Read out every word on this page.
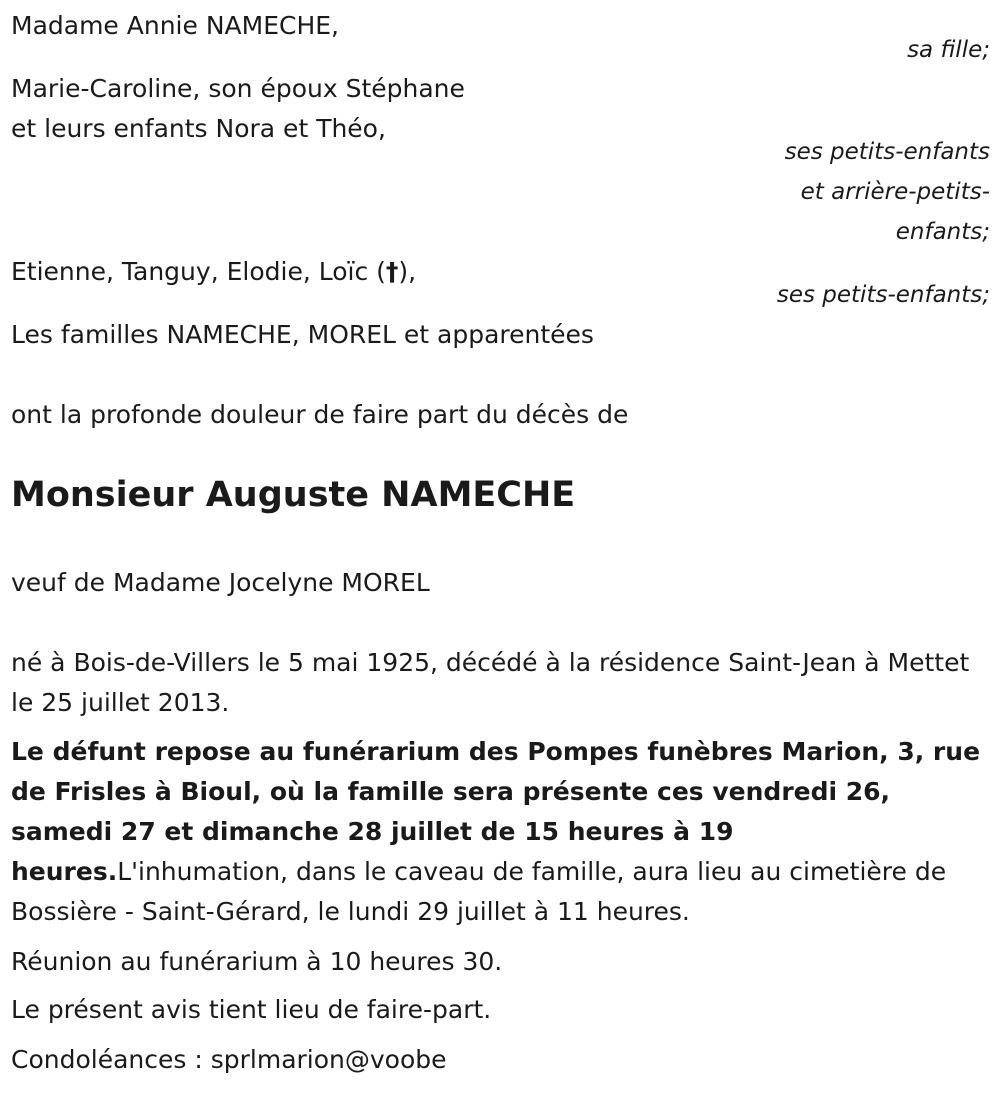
Madame Annie NAMECHE,
sa fille;
Marie-Caroline, son époux Stéphane
et leurs enfants Nora et Théo,
ses petits-enfants
et arrière-petits-
enfants;
Etienne, Tanguy, Elodie, Loïc (†),
ses petits-enfants;
Les familles NAMECHE, MOREL et apparentées
ont la profonde douleur de faire part du décès de
Monsieur Auguste NAMECHE
veuf de Madame Jocelyne MOREL
né à Bois-de-Villers le 5 mai 1925, décédé à la résidence Saint-Jean à Mettet le 25 juillet 2013.
Le défunt repose au funérarium des Pompes funèbres Marion, 3, rue de Frisles à Bioul, où la famille sera présente ces vendredi 26, samedi 27 et dimanche 28 juillet de 15 heures à 19 heures.L'inhumation, dans le caveau de famille, aura lieu au cimetière de Bossière - Saint-Gérard, le lundi 29 juillet à 11 heures.
Réunion au funérarium à 10 heures 30.
Le présent avis tient lieu de faire-part.
Condoléances : sprlmarion@voobe
